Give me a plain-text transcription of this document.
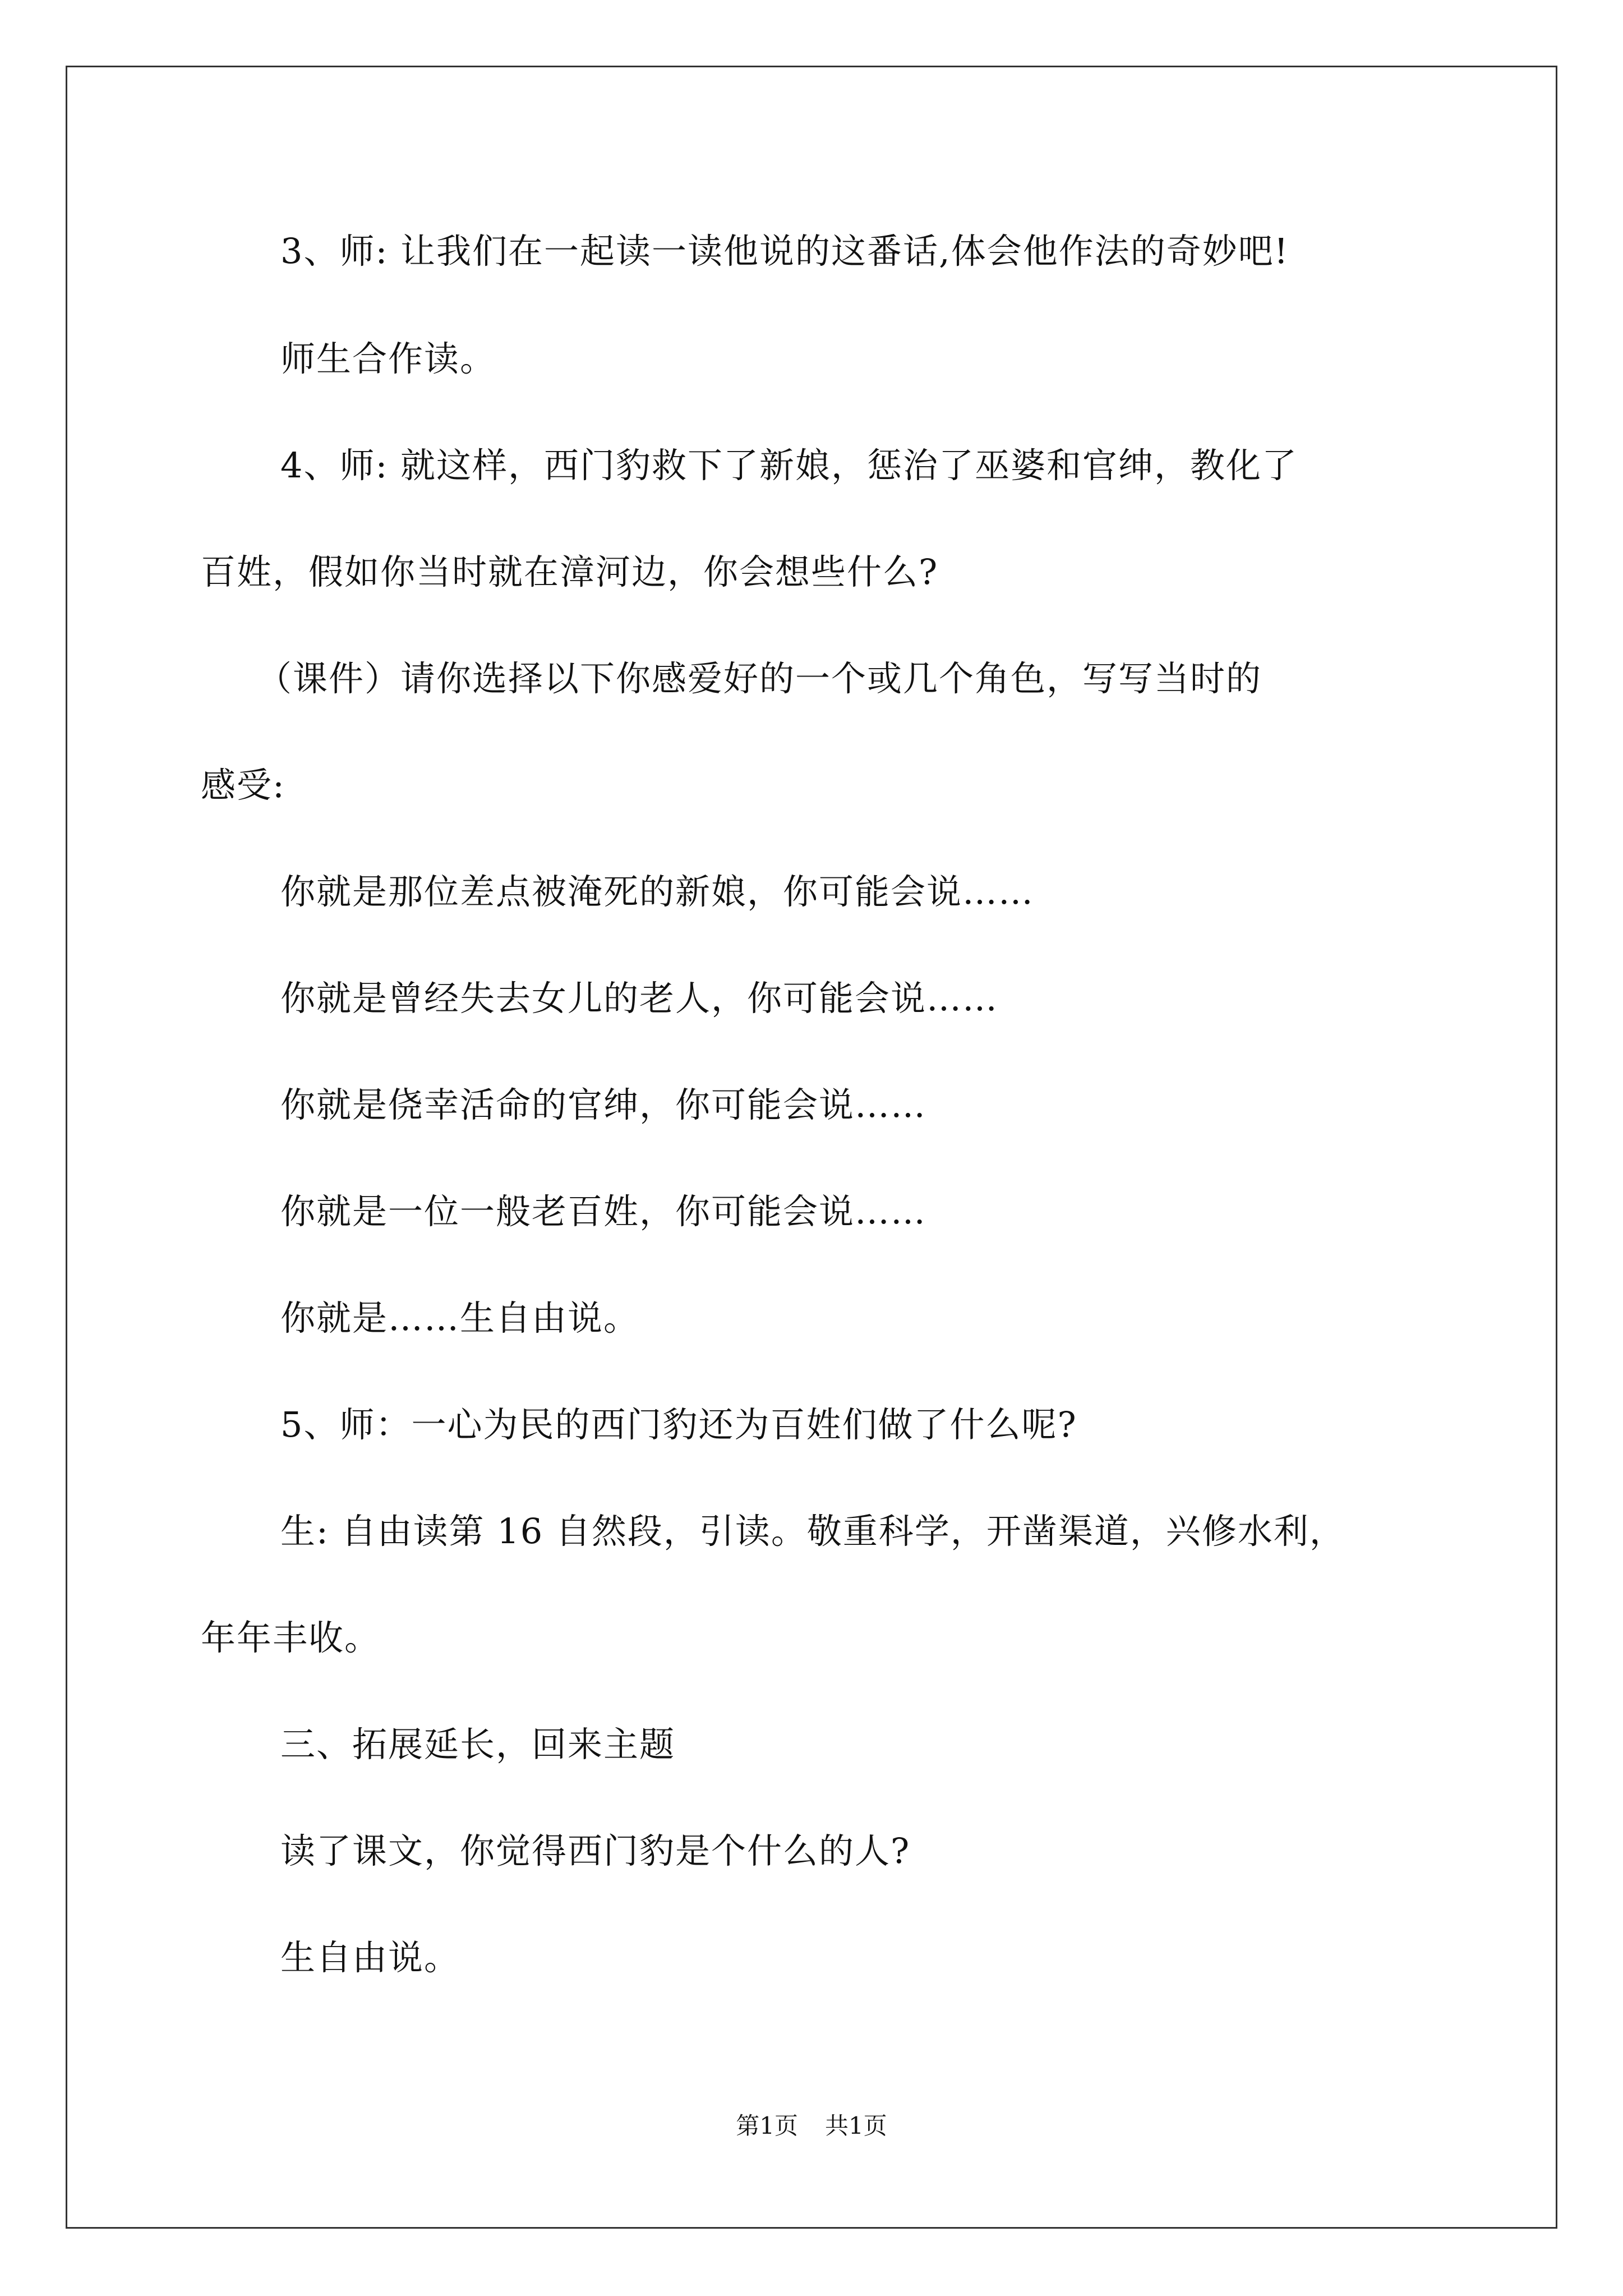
3、师: 让我们在一起读一读他说的这番话,体会他作法的奇妙吧!
师生合作读。
4、师: 就这样，西门豹救下了新娘，惩治了巫婆和官绅，教化了
百姓，假如你当时就在漳河边，你会想些什么?
（课件）请你选择以下你感爱好的一个或几个角色，写写当时的
感受:
你就是那位差点被淹死的新娘，你可能会说……
你就是曾经失去女儿的老人，你可能会说……
你就是侥幸活命的官绅，你可能会说……
你就是一位一般老百姓，你可能会说……
你就是……生自由说。
5、师：一心为民的西门豹还为百姓们做了什么呢?
生: 自由读第 16 自然段，引读。敬重科学，开凿渠道，兴修水利，
年年丰收。
三、拓展延长，回来主题
读了课文，你觉得西门豹是个什么的人?
生自由说。
第1页 共1页
